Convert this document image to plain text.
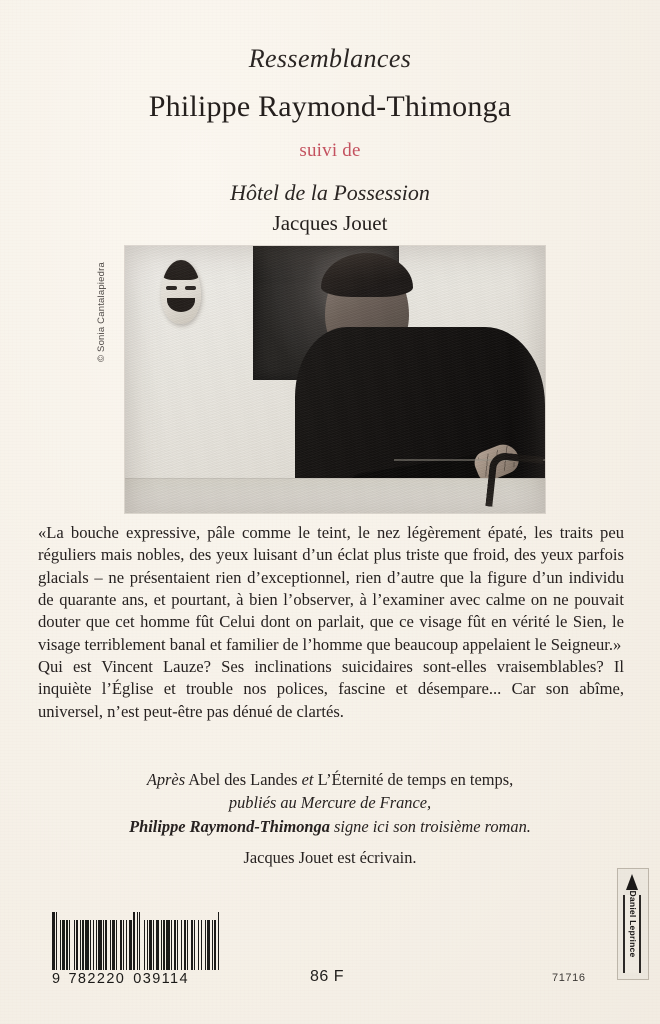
Ressemblances
Philippe Raymond-Thimonga
suivi de
Hôtel de la Possession
Jacques Jouet
© Sonia Cantalapiedra

«La bouche expressive, pâle comme le teint, le nez légèrement épaté, les traits peu réguliers mais nobles, des yeux luisant d’un éclat plus triste que froid, des yeux parfois glacials – ne présentaient rien d’exceptionnel, rien d’autre que la figure d’un individu de quarante ans, et pourtant, à bien l’observer, à l’examiner avec calme on ne pouvait douter que cet homme fût Celui dont on parlait, que ce visage fût en vérité le Sien, le visage terriblement banal et familier de l’homme que beaucoup appelaient le Seigneur.»

Qui est Vincent Lauze? Ses inclinations suicidaires sont-elles vraisemblables? Il inquiète l’Église et trouble nos polices, fascine et désempare... Car son abîme, universel, n’est peut-être pas dénué de clartés.

Après Abel des Landes et L’Éternité de temps en temps,
publiés au Mercure de France,
Philippe Raymond-Thimonga signe ici son troisième roman.
Jacques Jouet est écrivain.
9 782220 039114	86 F	71716
Daniel Leprince
